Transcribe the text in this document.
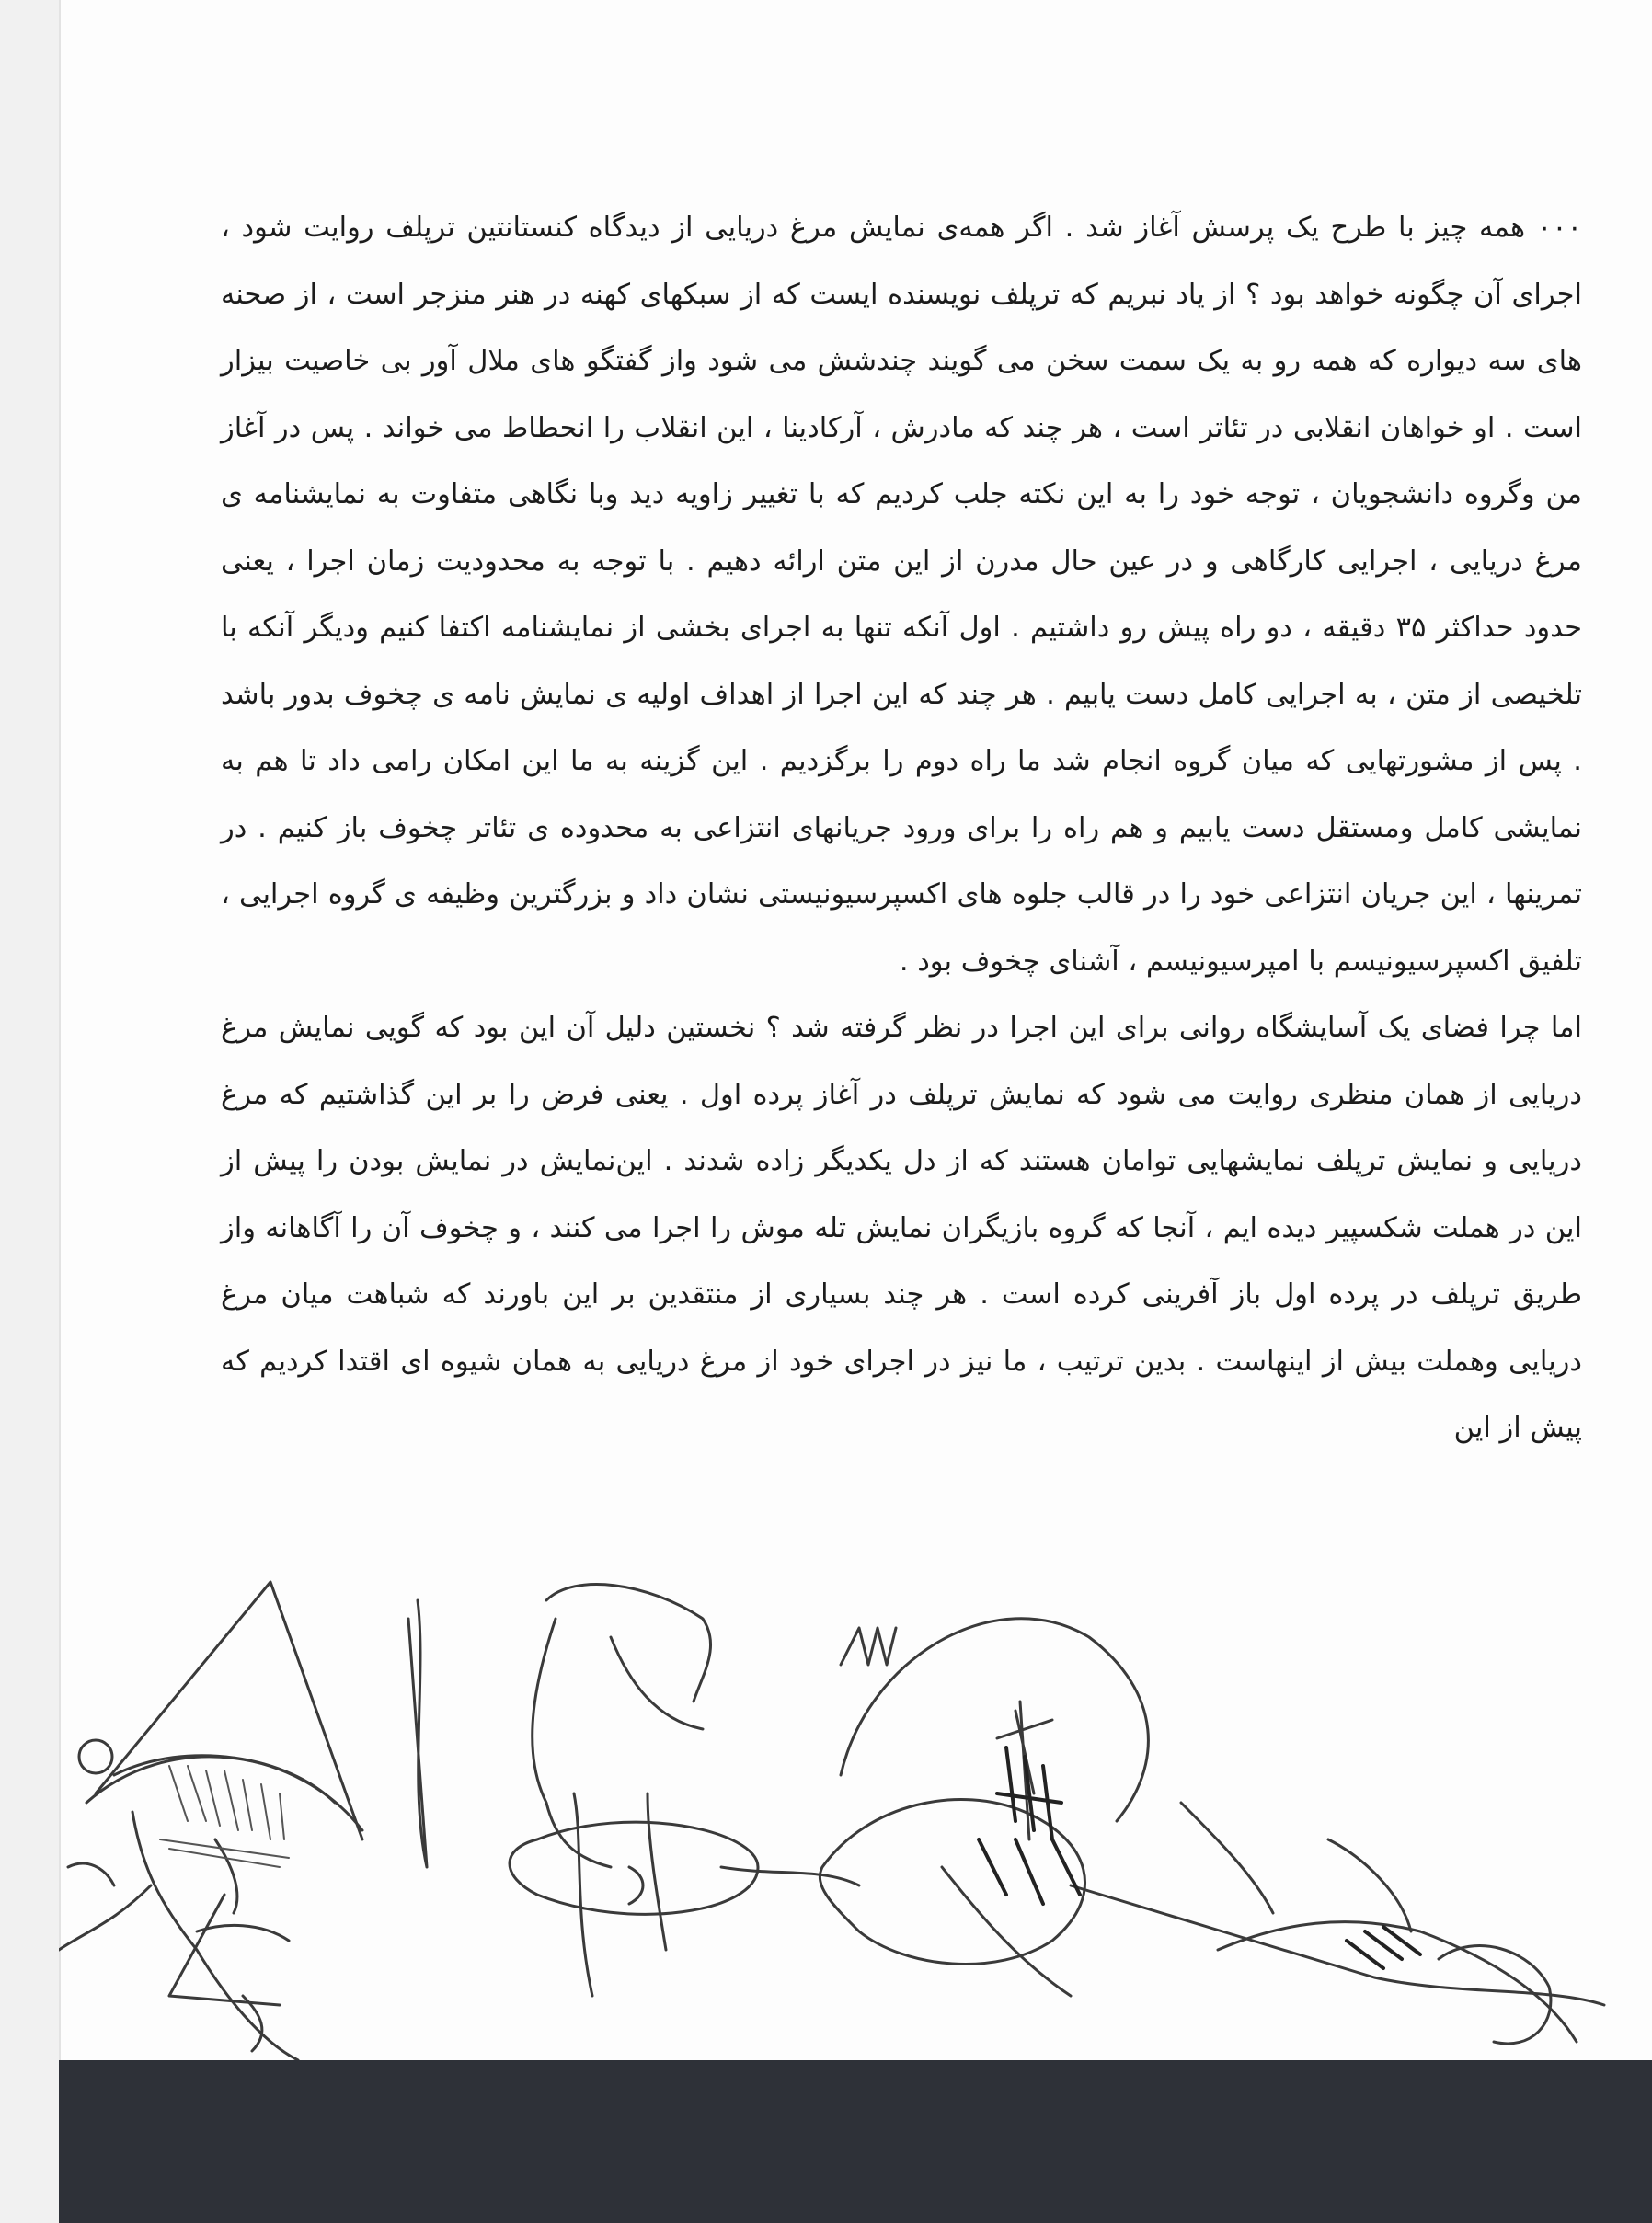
٠٠٠ همه چیز با طرح یک پرسش آغاز شد . اگر همه‌ی نمایش مرغ دریایی از دیدگاه کنستانتین ترپلف روایت شود ، اجرای آن چگونه خواهد بود ؟ از یاد نبریم که ترپلف نویسنده ایست که از سبکهای کهنه در هنر منزجر است ، از صحنه های سه دیواره که همه رو به یک سمت سخن می گویند چندشش می شود واز گفتگو های ملال آور بی خاصیت بیزار است . او خواهان انقلابی در تئاتر است ، هر چند که مادرش ، آرکادینا ، این انقلاب را انحطاط می خواند . پس در آغاز من وگروه دانشجویان ، توجه خود را به این نکته جلب کردیم که با تغییر زاویه دید وبا نگاهی متفاوت به نمایشنامه ی مرغ دریایی ، اجرایی کارگاهی و در عین حال مدرن از این متن ارائه دهیم . با توجه به محدودیت زمان اجرا ، یعنی حدود حداکثر ۳۵ دقیقه ، دو راه پیش رو داشتیم . اول آنکه تنها به اجرای بخشی از نمایشنامه اکتفا کنیم ودیگر آنکه با تلخیصی از متن ، به اجرایی کامل دست یابیم . هر چند که این اجرا از اهداف اولیه ی نمایش نامه ی چخوف بدور باشد . پس از مشورتهایی که میان گروه انجام شد ما راه دوم را برگزدیم . این گزینه به ما این امکان رامی داد تا هم به نمایشی کامل ومستقل دست یابیم و هم راه را برای ورود جریانهای انتزاعی به محدوده ی تئاتر چخوف باز کنیم . در تمرینها ، این جریان انتزاعی خود را در قالب جلوه های اکسپرسیونیستی نشان داد و بزرگترین وظیفه ی گروه اجرایی ، تلفیق اکسپرسیونیسم با امپرسیونیسم ، آشنای چخوف بود .

اما چرا فضای یک آسایشگاه روانی برای این اجرا در نظر گرفته شد ؟ نخستین دلیل آن این بود که گویی نمایش مرغ دریایی از همان منظری روایت می شود که نمایش ترپلف در آغاز پرده اول . یعنی فرض را بر این گذاشتیم که مرغ دریایی و نمایش ترپلف نمایشهایی توامان هستند که از دل یکدیگر زاده شدند . این‌نمایش در نمایش بودن را پیش از این در هملت شکسپیر دیده ایم ، آنجا که گروه بازیگران نمایش تله موش را اجرا می کنند ، و چخوف آن را آگاهانه واز طریق ترپلف در پرده اول باز آفرینی کرده است . هر چند بسیاری از منتقدین بر این باورند که شباهت میان مرغ دریایی وهملت بیش از اینهاست . بدین ترتیب ، ما نیز در اجرای خود از مرغ دریایی به همان شیوه ای اقتدا کردیم که پیش از این
